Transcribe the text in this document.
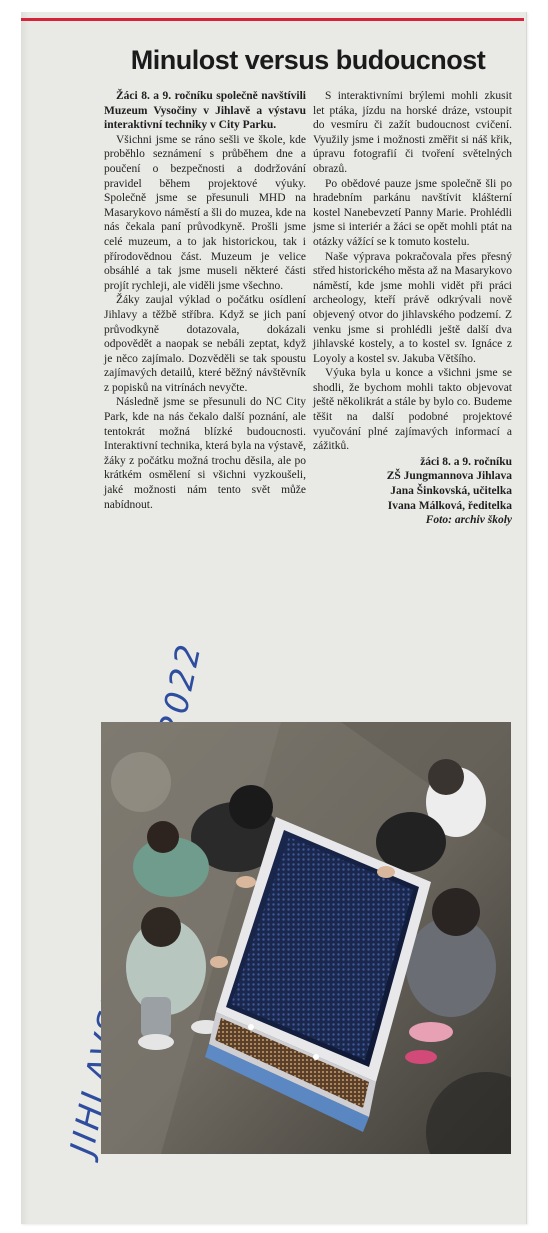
Minulost versus budoucnost

Žáci 8. a 9. ročníku společně navštívili Muzeum Vysočiny v Jihlavě a výstavu interaktivní techniky v City Parku.

Všichni jsme se ráno sešli ve škole, kde proběhlo seznámení s průběhem dne a poučení o bezpečnosti a dodržování pravidel během projektové výuky. Společně jsme se přesunuli MHD na Masarykovo náměstí a šli do muzea, kde na nás čekala paní průvodkyně. Prošli jsme celé muzeum, a to jak historickou, tak i přírodovědnou část. Muzeum je velice obsáhlé a tak jsme museli některé části projít rychleji, ale viděli jsme všechno.

Žáky zaujal výklad o počátku osídlení Jihlavy a těžbě stříbra. Když se jich paní průvodkyně dotazovala, dokázali odpovědět a naopak se nebáli zeptat, když je něco zajímalo. Dozvěděli se tak spoustu zajímavých detailů, které běžný návštěvník z popisků na vitrínách nevyčte.

Následně jsme se přesunuli do NC City Park, kde na nás čekalo další poznání, ale tentokrát možná blízké budoucnosti. Interaktivní technika, která byla na výstavě, žáky z počátku možná trochu děsila, ale po krátkém osmělení si všichni vyzkoušeli, jaké možnosti nám tento svět může nabídnout.

S interaktivními brýlemi mohli zkusit let ptáka, jízdu na horské dráze, vstoupit do vesmíru či zažít budoucnost cvičení. Využily jsme i možnosti změřit si náš křik, úpravu fotografií či tvoření světelných obrazů.

Po obědové pauze jsme společně šli po hradebním parkánu navštívit klášterní kostel Nanebevzetí Panny Marie. Prohlédli jsme si interiér a žáci se opět mohli ptát na otázky vážící se k tomuto kostelu.

Naše výprava pokračovala přes přesný střed historického města až na Masarykovo náměstí, kde jsme mohli vidět při práci archeology, kteří právě odkrývali nově objevený otvor do jihlavského podzemí. Z venku jsme si prohlédli ještě další dva jihlavské kostely, a to kostel sv. Ignáce z Loyoly a kostel sv. Jakuba Většího.

Výuka byla u konce a všichni jsme se shodli, že bychom mohli takto objevovat ještě několikrát a stále by bylo co. Budeme těšit na další podobné projektové vyučování plné zajímavých informací a zážitků.

žáci 8. a 9. ročníku
ZŠ Jungmannova Jihlava
Jana Šinkovská, učitelka
Ivana Málková, ředitelka
Foto: archiv školy
